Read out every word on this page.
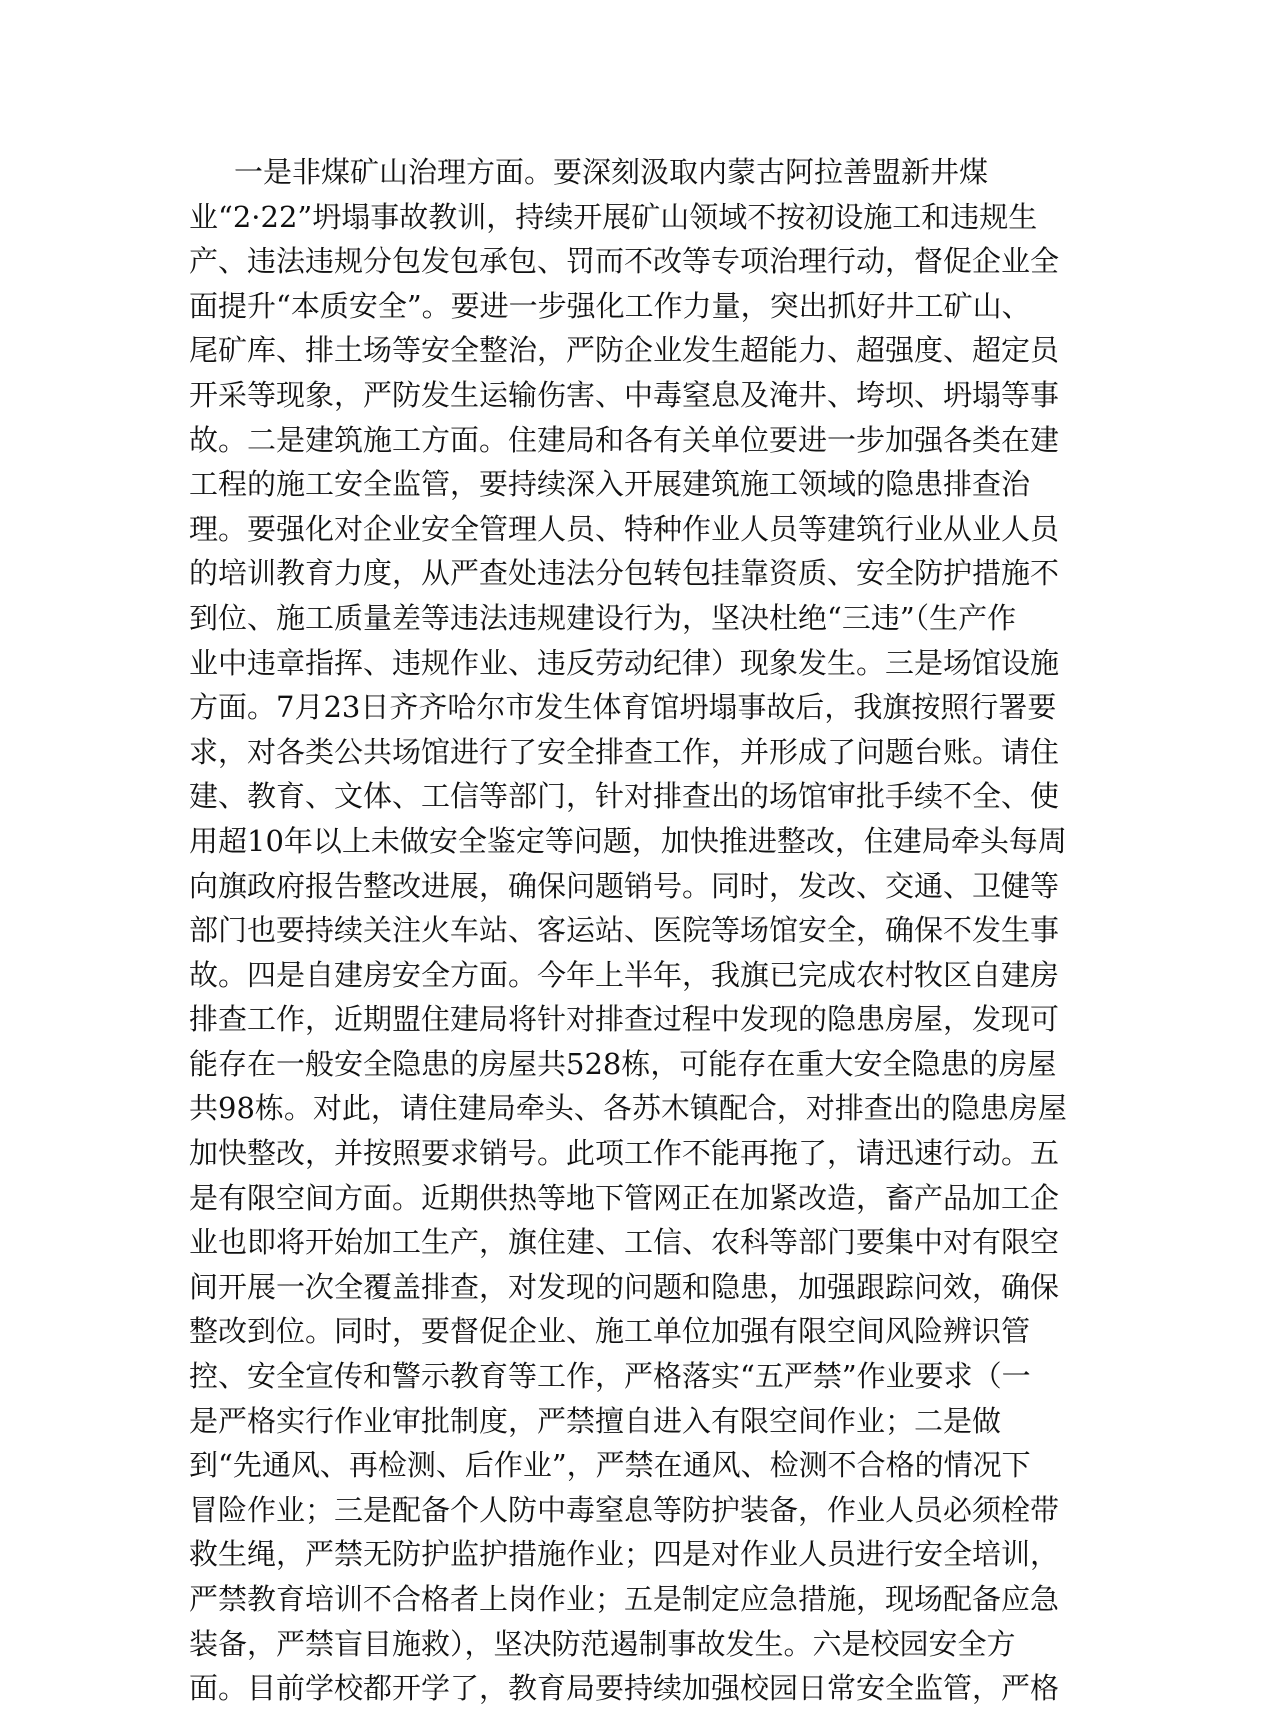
一是非煤矿山治理方面。要深刻汲取内蒙古阿拉善盟新井煤
业“2·22”坍塌事故教训，持续开展矿山领域不按初设施工和违规生
产、违法违规分包发包承包、罚而不改等专项治理行动，督促企业全
面提升“本质安全”。要进一步强化工作力量，突出抓好井工矿山、
尾矿库、排土场等安全整治，严防企业发生超能力、超强度、超定员
开采等现象，严防发生运输伤害、中毒窒息及淹井、垮坝、坍塌等事
故。二是建筑施工方面。住建局和各有关单位要进一步加强各类在建
工程的施工安全监管，要持续深入开展建筑施工领域的隐患排查治
理。要强化对企业安全管理人员、特种作业人员等建筑行业从业人员
的培训教育力度，从严查处违法分包转包挂靠资质、安全防护措施不
到位、施工质量差等违法违规建设行为，坚决杜绝“三违”（生产作
业中违章指挥、违规作业、违反劳动纪律）现象发生。三是场馆设施
方面。7月23日齐齐哈尔市发生体育馆坍塌事故后，我旗按照行署要
求，对各类公共场馆进行了安全排查工作，并形成了问题台账。请住
建、教育、文体、工信等部门，针对排查出的场馆审批手续不全、使
用超10年以上未做安全鉴定等问题，加快推进整改，住建局牵头每周
向旗政府报告整改进展，确保问题销号。同时，发改、交通、卫健等
部门也要持续关注火车站、客运站、医院等场馆安全，确保不发生事
故。四是自建房安全方面。今年上半年，我旗已完成农村牧区自建房
排查工作，近期盟住建局将针对排查过程中发现的隐患房屋，发现可
能存在一般安全隐患的房屋共528栋，可能存在重大安全隐患的房屋
共98栋。对此，请住建局牵头、各苏木镇配合，对排查出的隐患房屋
加快整改，并按照要求销号。此项工作不能再拖了，请迅速行动。五
是有限空间方面。近期供热等地下管网正在加紧改造，畜产品加工企
业也即将开始加工生产，旗住建、工信、农科等部门要集中对有限空
间开展一次全覆盖排查，对发现的问题和隐患，加强跟踪问效，确保
整改到位。同时，要督促企业、施工单位加强有限空间风险辨识管
控、安全宣传和警示教育等工作，严格落实“五严禁”作业要求（一
是严格实行作业审批制度，严禁擅自进入有限空间作业；二是做
到“先通风、再检测、后作业”，严禁在通风、检测不合格的情况下
冒险作业；三是配备个人防中毒窒息等防护装备，作业人员必须栓带
救生绳，严禁无防护监护措施作业；四是对作业人员进行安全培训，
严禁教育培训不合格者上岗作业；五是制定应急措施，现场配备应急
装备，严禁盲目施救），坚决防范遏制事故发生。六是校园安全方
面。目前学校都开学了，教育局要持续加强校园日常安全监管，严格
